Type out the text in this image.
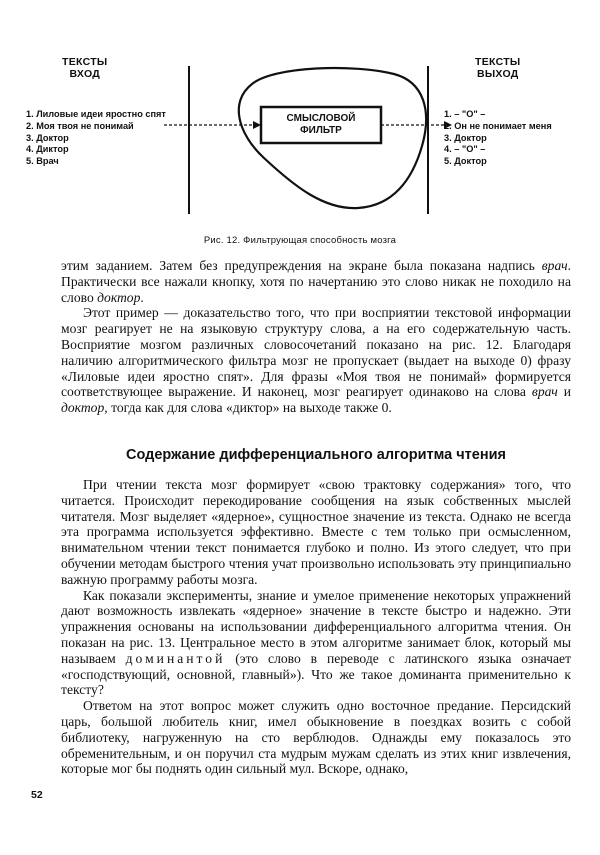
ТЕКСТЫ
ВХОД
ТЕКСТЫ
ВЫХОД
1. Лиловые идеи яростно спят
2. Моя твоя не понимай
3. Доктор
4. Диктор
5. Врач
СМЫСЛОВОЙ
ФИЛЬТР
1. – "О" –
2. Он не понимает меня
3. Доктор
4. – "О" –
5. Доктор
Рис. 12. Фильтрующая способность мозга

этим заданием. Затем без предупреждения на экране была показана надпись врач. Практически все нажали кнопку, хотя по начертанию это слово никак не походило на слово доктор.

Этот пример — доказательство того, что при восприятии текстовой информации мозг реагирует не на языковую структуру слова, а на его содержательную часть. Восприятие мозгом различных словосочетаний показано на рис. 12. Благодаря наличию алгоритмического фильтра мозг не пропускает (выдает на выходе 0) фразу «Лиловые идеи яростно спят». Для фразы «Моя твоя не понимай» формируется соответствующее выражение. И наконец, мозг реагирует одинаково на слова врач и доктор, тогда как для слова «диктор» на выходе также 0.

Содержание дифференциального алгоритма чтения

При чтении текста мозг формирует «свою трактовку содержания» того, что читается. Происходит перекодирование сообщения на язык собственных мыслей читателя. Мозг выделяет «ядерное», сущностное значение из текста. Однако не всегда эта программа используется эффективно. Вместе с тем только при осмысленном, внимательном чтении текст понимается глубоко и полно. Из этого следует, что при обучении методам быстрого чтения учат произвольно использовать эту принципиально важную программу работы мозга.

Как показали эксперименты, знание и умелое применение некоторых упражнений дают возможность извлекать «ядерное» значение в тексте быстро и надежно. Эти упражнения основаны на использовании дифференциального алгоритма чтения. Он показан на рис. 13. Центральное место в этом алгоритме занимает блок, который мы называем доминантой (это слово в переводе с латинского языка означает «господствующий, основной, главный»). Что же такое доминанта применительно к тексту?

Ответом на этот вопрос может служить одно восточное предание. Персидский царь, большой любитель книг, имел обыкновение в поездках возить с собой библиотеку, нагруженную на сто верблюдов. Однажды ему показалось это обременительным, и он поручил ста мудрым мужам сделать из этих книг извлечения, которые мог бы поднять один сильный мул. Вскоре, однако,

52
